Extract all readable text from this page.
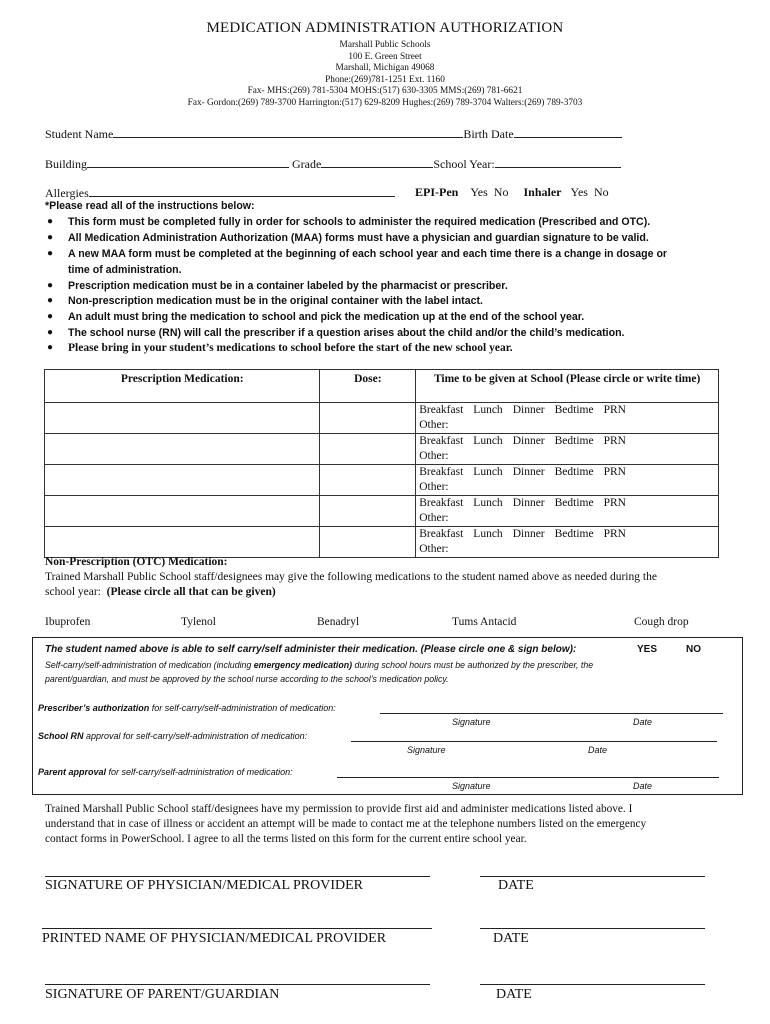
MEDICATION ADMINISTRATION AUTHORIZATION
Marshall Public Schools
100 E. Green Street
Marshall, Michigan 49068
Phone:(269)781-1251 Ext. 1160
Fax- MHS:(269) 781-5304 MOHS:(517) 630-3305 MMS:(269) 781-6621
Fax- Gordon:(269) 789-3700 Harrington:(517) 629-8209 Hughes:(269) 789-3704 Walters:(269) 789-3703
Student Name	Birth Date
Building	Grade	School Year:
Allergies	EPI-Pen Yes  No Inhaler Yes  No
*Please read all of the instructions below:
● This form must be completed fully in order for schools to administer the required medication (Prescribed and OTC).
● All Medication Administration Authorization (MAA) forms must have a physician and guardian signature to be valid.
● A new MAA form must be completed at the beginning of each school year and each time there is a change in dosage or
time of administration.
● Prescription medication must be in a container labeled by the pharmacist or prescriber.
● Non-prescription medication must be in the original container with the label intact.
● An adult must bring the medication to school and pick the medication up at the end of the school year.
● The school nurse (RN) will call the prescriber if a question arises about the child and/or the child’s medication.
● Please bring in your student’s medications to school before the start of the new school year.
Prescription Medication:	Dose:	Time to be given at School (Please circle or write time)

		Breakfast Lunch Dinner Bedtime PRN
Other:

		Breakfast Lunch Dinner Bedtime PRN
Other:

		Breakfast Lunch Dinner Bedtime PRN
Other:

		Breakfast Lunch Dinner Bedtime PRN
Other:

		Breakfast Lunch Dinner Bedtime PRN
Other:
Non-Prescription (OTC) Medication:
Trained Marshall Public School staff/designees may give the following medications to the student named above as needed during the
school year:  (Please circle all that can be given)
Ibuprofen	Tylenol	Benadryl	Tums Antacid	Cough drop
The student named above is able to self carry/self administer their medication. (Please circle one & sign below):	YES	NO
Self-carry/self-administration of medication (including emergency medication) during school hours must be authorized by the prescriber, the
parent/guardian, and must be approved by the school nurse according to the school’s medication policy.
Prescriber’s authorization for self-carry/self-administration of medication:
Signature	Date
School RN approval for self-carry/self-administration of medication:
Signature	Date
Parent approval for self-carry/self-administration of medication:
Signature	Date
Trained Marshall Public School staff/designees have my permission to provide first aid and administer medications listed above. I
understand that in case of illness or accident an attempt will be made to contact me at the telephone numbers listed on the emergency
contact forms in PowerSchool. I agree to all the terms listed on this form for the current entire school year.
SIGNATURE OF PHYSICIAN/MEDICAL PROVIDER	DATE
PRINTED NAME OF PHYSICIAN/MEDICAL PROVIDER	DATE
SIGNATURE OF PARENT/GUARDIAN	DATE
